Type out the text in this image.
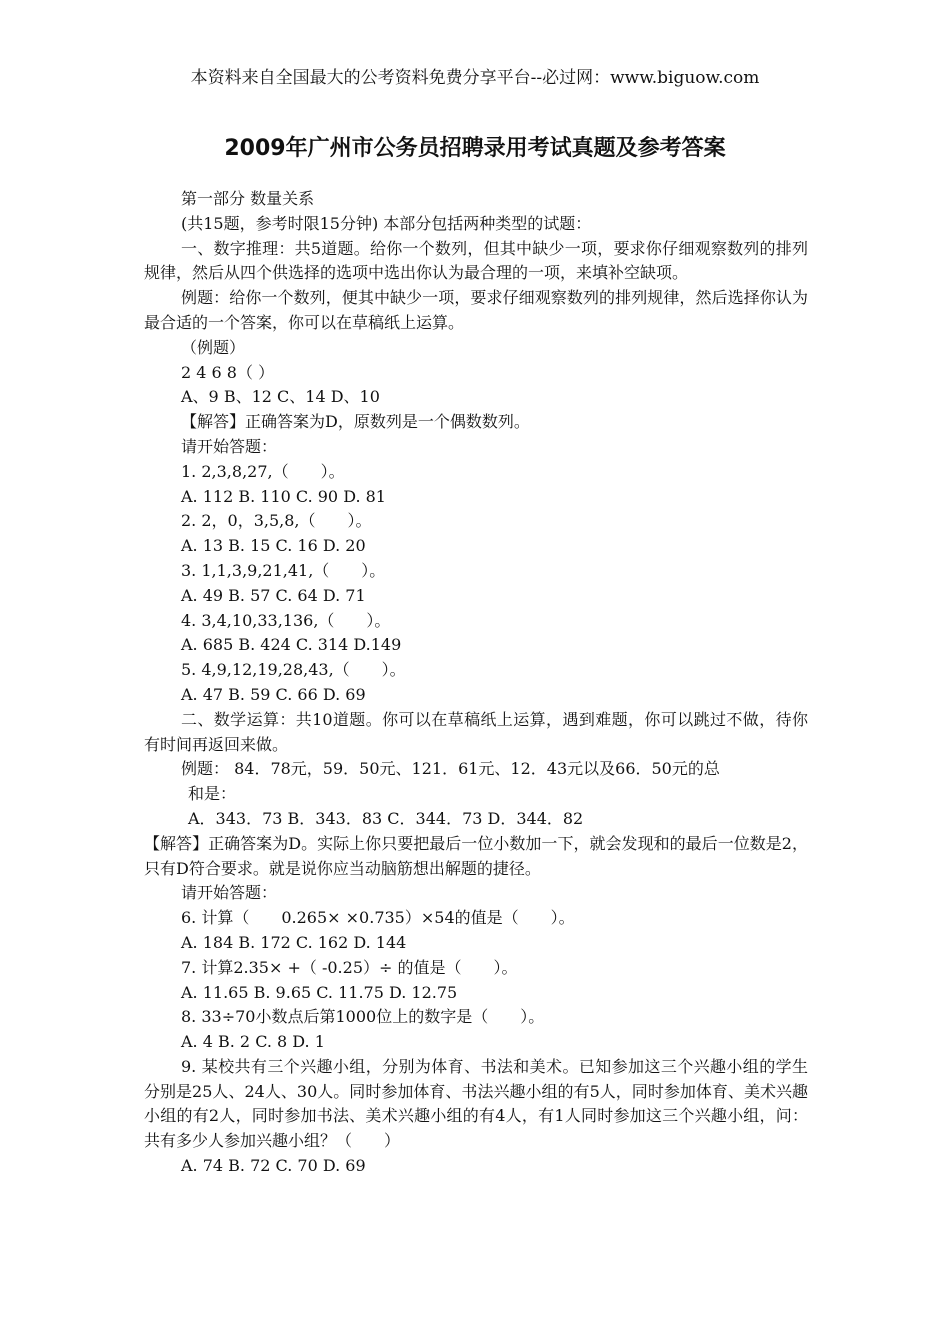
本资料来自全国最大的公考资料免费分享平台--必过网：www.biguow.com
2009年广州市公务员招聘录用考试真题及参考答案

第一部分 数量关系

(共15题，参考时限15分钟) 本部分包括两种类型的试题：

一、数字推理：共5道题。给你一个数列，但其中缺少一项，要求你仔细观察数列的排列规律，然后从四个供选择的选项中选出你认为最合理的一项，来填补空缺项。

例题：给你一个数列，便其中缺少一项，要求仔细观察数列的排列规律，然后选择你认为最合适的一个答案，你可以在草稿纸上运算。

（例题）

2 4 6 8（ ）

A、9 B、12 C、14 D、10

【解答】正确答案为D，原数列是一个偶数数列。

请开始答题：

1. 2,3,8,27,（　　）。

A. 112 B. 110 C. 90 D. 81

2. 2，0，3,5,8,（　　）。

A. 13 B. 15 C. 16 D. 20

3. 1,1,3,9,21,41,（　　）。

A. 49 B. 57 C. 64 D. 71

4. 3,4,10,33,136,（　　）。

A. 685 B. 424 C. 314 D.149

5. 4,9,12,19,28,43,（　　）。

A. 47 B. 59 C. 66 D. 69

二、数学运算：共10道题。你可以在草稿纸上运算，遇到难题，你可以跳过不做，待你有时间再返回来做。

例题： 84．78元，59．50元、121．61元、12．43元以及66．50元的总

和是：

A．343．73 B．343．83 C．344．73 D．344．82

【解答】正确答案为D。实际上你只要把最后一位小数加一下，就会发现和的最后一位数是2，只有D符合要求。就是说你应当动脑筋想出解题的捷径。

请开始答题：

6. 计算（　　0.265× ×0.735）×54的值是（　　）。

A. 184 B. 172 C. 162 D. 144

7. 计算2.35× +（ -0.25）÷ 的值是（　　）。

A. 11.65 B. 9.65 C. 11.75 D. 12.75

8. 33÷70小数点后第1000位上的数字是（　　）。

A. 4 B. 2 C. 8 D. 1

9. 某校共有三个兴趣小组，分别为体育、书法和美术。已知参加这三个兴趣小组的学生分别是25人、24人、30人。同时参加体育、书法兴趣小组的有5人，同时参加体育、美术兴趣小组的有2人，同时参加书法、美术兴趣小组的有4人，有1人同时参加这三个兴趣小组，问：共有多少人参加兴趣小组？（　　）

A. 74 B. 72 C. 70 D. 69
